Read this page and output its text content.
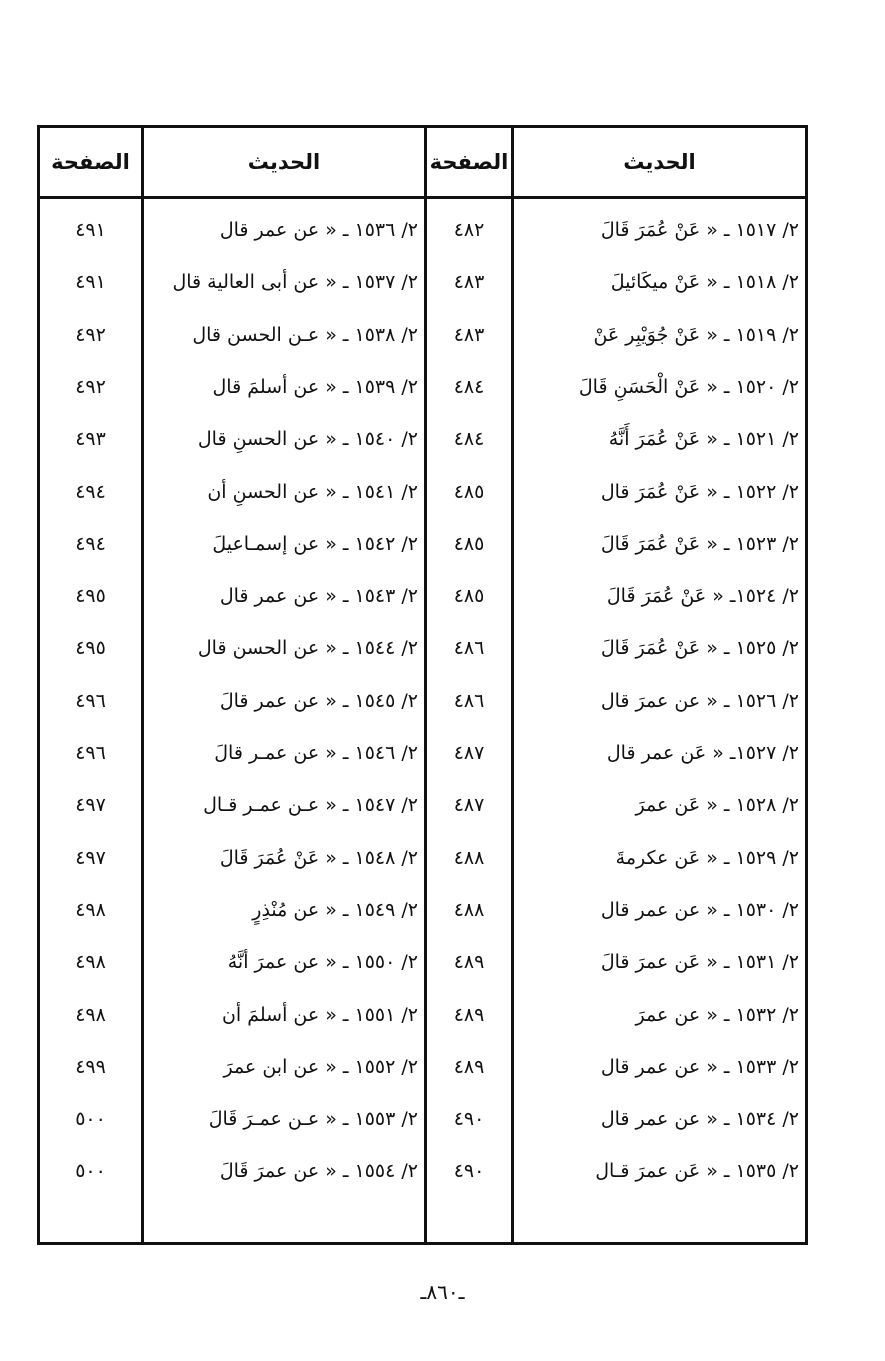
الحديث
الصفحة
الحديث
الصفحة
٢/ ١٥١٧ ـ « عَنْ عُمَرَ قَالَ
٢/ ١٥١٨ ـ « عَنْ ميكَائيلَ
٢/ ١٥١٩ ـ « عَنْ جُوَيْبِر عَنْ
٢/ ١٥٢٠ ـ « عَنْ الْحَسَنِ قَالَ
٢/ ١٥٢١ ـ « عَنْ عُمَرَ أَنَّهُ
٢/ ١٥٢٢ ـ « عَنْ عُمَرَ قال
٢/ ١٥٢٣ ـ « عَنْ عُمَرَ قَالَ
٢/ ١٥٢٤ـ « عَنْ عُمَرَ قَالَ
٢/ ١٥٢٥ ـ « عَنْ عُمَرَ قَالَ
٢/ ١٥٢٦ ـ « عن عمرَ قال
٢/ ١٥٢٧ـ « عَن عمر قال
٢/ ١٥٢٨ ـ « عَن عمرَ
٢/ ١٥٢٩ ـ « عَن عكرمةَ
٢/ ١٥٣٠ ـ « عن عمر قال
٢/ ١٥٣١ ـ « عَن عمرَ قالَ
٢/ ١٥٣٢ ـ « عن عمرَ
٢/ ١٥٣٣ ـ « عن عمر قال
٢/ ١٥٣٤ ـ « عن عمر قال
٢/ ١٥٣٥ ـ « عَن عمرَ قـال
٤٨٢
٤٨٣
٤٨٣
٤٨٤
٤٨٤
٤٨٥
٤٨٥
٤٨٥
٤٨٦
٤٨٦
٤٨٧
٤٨٧
٤٨٨
٤٨٨
٤٨٩
٤٨٩
٤٨٩
٤٩٠
٤٩٠
٢/ ١٥٣٦ ـ « عن عمر قال
٢/ ١٥٣٧ ـ « عن أبى العالية قال
٢/ ١٥٣٨ ـ « عـن الحسن قال
٢/ ١٥٣٩ ـ « عن أسلمَ قال
٢/ ١٥٤٠ ـ « عن الحسنِ قال
٢/ ١٥٤١ ـ « عن الحسنِ أن
٢/ ١٥٤٢ ـ « عن إسمـاعيلَ
٢/ ١٥٤٣ ـ « عن عمر قال
٢/ ١٥٤٤ ـ « عن الحسن قال
٢/ ١٥٤٥ ـ « عن عمر قالَ
٢/ ١٥٤٦ ـ « عن عمـر قالَ
٢/ ١٥٤٧ ـ « عـن عمـر قـال
٢/ ١٥٤٨ ـ « عَنْ عُمَرَ قَالَ
٢/ ١٥٤٩ ـ « عن مُنْذِرٍ
٢/ ١٥٥٠ ـ « عن عمرَ أنَّهُ
٢/ ١٥٥١ ـ « عن أسلمَ أن
٢/ ١٥٥٢ ـ « عن ابن عمرَ
٢/ ١٥٥٣ ـ « عـن عمـرَ قَالَ
٢/ ١٥٥٤ ـ « عن عمرَ قَالَ
٤٩١
٤٩١
٤٩٢
٤٩٢
٤٩٣
٤٩٤
٤٩٤
٤٩٥
٤٩٥
٤٩٦
٤٩٦
٤٩٧
٤٩٧
٤٩٨
٤٩٨
٤٩٨
٤٩٩
٥٠٠
٥٠٠
ـ٨٦٠ـ
